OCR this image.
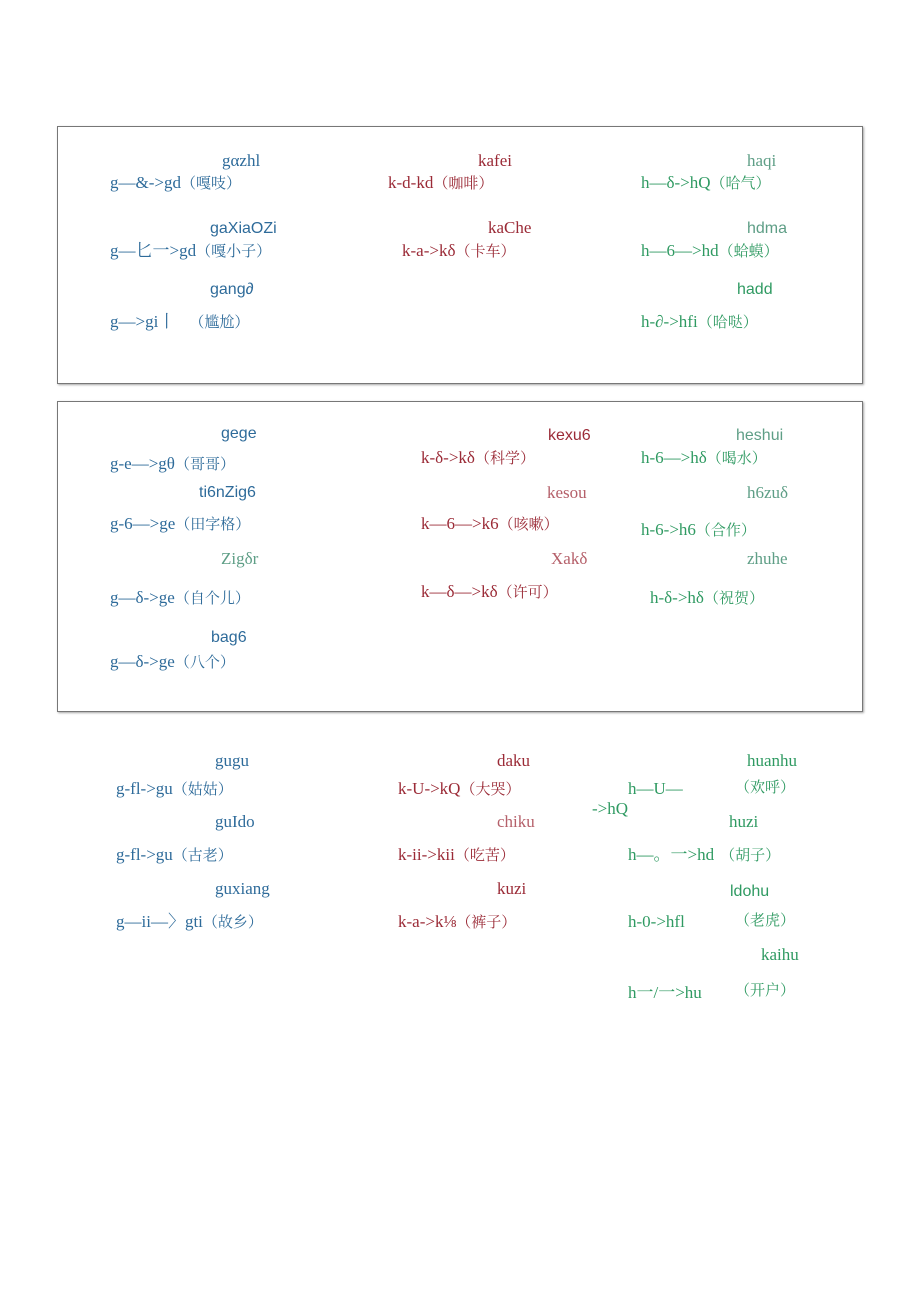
gαzhl
g—&->gd（嘎吱）
gaXiaOZi
g—匕一>gd（嘎小子）
gang∂
g—>gi丨 （尴尬）
kafei
k-d-kd（咖啡）
kaChe
k-a->kδ（卡车）
haqi
h—δ->hQ（哈气）
hdma
h—6—>hd（蛤蟆）
hadd
h-∂->hfi（哈哒）
gege
g-e—>gθ（哥哥）
ti6nZig6
g-6—>ge（田字格）
Zigδr
g—δ->ge（自个儿）
bag6
g—δ->ge（八个）
kexu6
k-δ->kδ（科学）
kesou
k—6—>k6（咳嗽）
Xakδ
k—δ—>kδ（许可）
heshui
h-6—>hδ（喝水）
h6zuδ
h-6->h6（合作）
zhuhe
h-δ->hδ（祝贺）
gugu
g-fl->gu（姑姑）
guIdo
g-fl->gu（古老）
guxiang
g—ii—〉gti（故乡）
daku
k-U->kQ（大哭）
chiku
k-ii->kii（吃苦）
kuzi
k-a->k⅛（裤子）
huanhu
h—U—	（欢呼）
->hQ
huzi
h—。一>hd （胡子）
ldohu
h-0->hfl	（老虎）
kaihu
h一/一>hu （开户）
